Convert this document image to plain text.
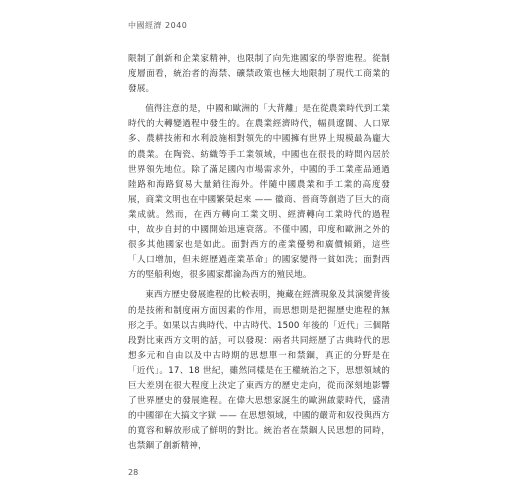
中國經濟 2040

限制了創新和企業家精神，也限制了向先進國家的學習進程。從制度層面看，統治者的海禁、礦禁政策也極大地限制了現代工商業的發展。

值得注意的是，中國和歐洲的「大背離」是在從農業時代到工業時代的大轉變過程中發生的。在農業經濟時代，幅員遼闊、人口眾多、農耕技術和水利設施相對領先的中國擁有世界上規模最為龐大的農業。在陶瓷、紡織等手工業領域，中國也在很長的時間內居於世界領先地位。除了滿足國內市場需求外，中國的手工業產品通過陸路和海路貿易大量銷往海外。伴隨中國農業和手工業的高度發展，商業文明也在中國繁榮起來 —— 徽商、晉商等創造了巨大的商業成就。然而，在西方轉向工業文明、經濟轉向工業時代的過程中，故步自封的中國開始迅速衰落。不僅中國，印度和歐洲之外的很多其他國家也是如此。面對西方的產業優勢和廣價傾銷，這些「人口增加，但未經歷過產業革命」的國家變得一貧如洗；面對西方的堅船利炮，很多國家都淪為西方的殖民地。

東西方歷史發展進程的比較表明，掩藏在經濟現象及其演變背後的是技術和制度兩方面因素的作用，而思想則是把握歷史進程的無形之手。如果以古典時代、中古時代、1500 年後的「近代」三個階段對比東西方文明的話，可以發現：兩者共同經歷了古典時代的思想多元和自由以及中古時期的思想單一和禁錮，真正的分野是在「近代」。17、18 世紀，雖然同樣是在王權統治之下，思想領域的巨大差別在很大程度上決定了東西方的歷史走向，從而深刻地影響了世界歷史的發展進程。在偉大思想家誕生的歐洲啟蒙時代，盛清的中國卻在大搞文字獄 —— 在思想領域，中國的嚴苛和奴役與西方的寬容和解放形成了鮮明的對比。統治者在禁錮人民思想的同時，也禁錮了創新精神，

28
